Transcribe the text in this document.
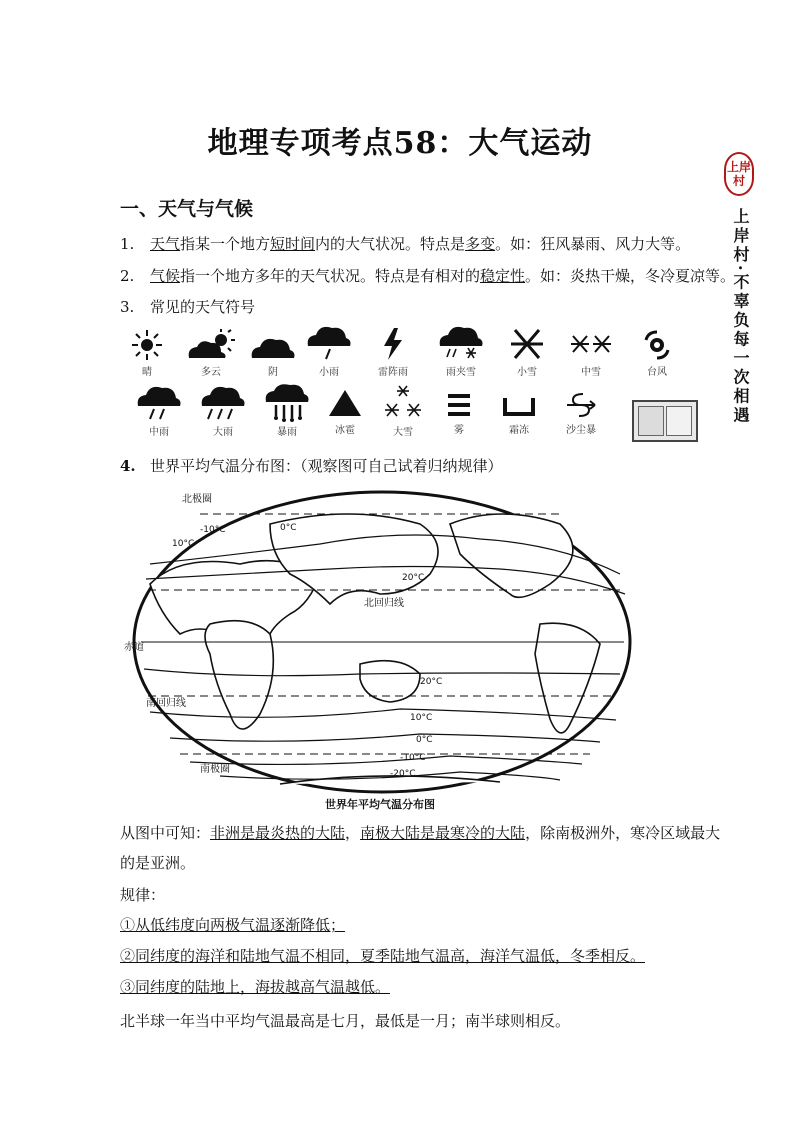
地理专项考点58：大气运动
上岸
村
上岸村·不辜负每一次相遇
一、天气与气候
1. 天气指某一个地方短时间内的大气状况。特点是多变。如：狂风暴雨、风力大等。
2. 气候指一个地方多年的天气状况。特点是有相对的稳定性。如：炎热干燥，冬冷夏凉等。
3. 常见的天气符号
晴	多云	阴	小雨	雷阵雨	雨夹雪	小雪	中雪	台风
中雨	大雨	暴雨	冰雹	大雪	雾	霜冻	沙尘暴
4. 世界平均气温分布图：（观察图可自己试着归纳规律）
北极圈
北回归线
赤道
南回归线
南极圈
10°C
0°C
-10°C
20°C
20°C
10°C
0°C
-10°C
-20°C
世界年平均气温分布图
从图中可知：非洲是最炎热的大陆，南极大陆是最寒冷的大陆，除南极洲外，寒冷区域最大
的是亚洲。
规律：
①从低纬度向两极气温逐渐降低；
②同纬度的海洋和陆地气温不相同，夏季陆地气温高，海洋气温低，冬季相反。
③同纬度的陆地上，海拔越高气温越低。
北半球一年当中平均气温最高是七月，最低是一月；南半球则相反。
